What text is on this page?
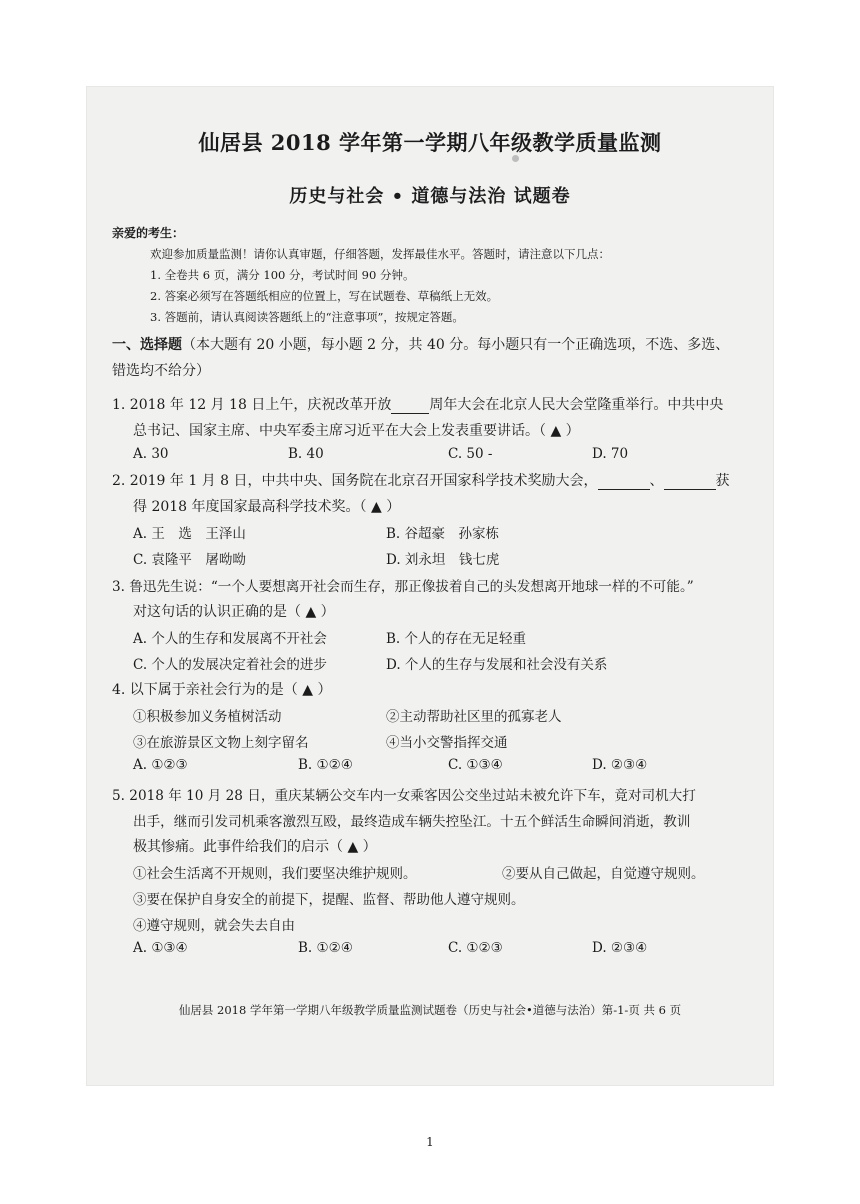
仙居县 2018 学年第一学期八年级教学质量监测
历史与社会 • 道德与法治 试题卷
亲爱的考生：
欢迎参加质量监测！请你认真审题，仔细答题，发挥最佳水平。答题时，请注意以下几点：
1. 全卷共 6 页，满分 100 分，考试时间 90 分钟。
2. 答案必须写在答题纸相应的位置上，写在试题卷、草稿纸上无效。
3. 答题前，请认真阅读答题纸上的“注意事项”，按规定答题。
一、选择题（本大题有 20 小题，每小题 2 分，共 40 分。每小题只有一个正确选项，不选、多选、
错选均不给分）
1. 2018 年 12 月 18 日上午，庆祝改革开放	周年大会在北京人民大会堂隆重举行。中共中央
总书记、国家主席、中央军委主席习近平在大会上发表重要讲话。（ ▲ ）
A. 30	B. 40	C. 50 -	D. 70
2. 2019 年 1 月 8 日，中共中央、国务院在北京召开国家科学技术奖励大会，	、	获
得 2018 年度国家最高科学技术奖。（ ▲ ）
A. 王　选　王泽山	B. 谷超豪　孙家栋
C. 袁隆平　屠呦呦	D. 刘永坦　钱七虎
3. 鲁迅先生说：“一个人要想离开社会而生存，那正像拔着自己的头发想离开地球一样的不可能。”
对这句话的认识正确的是（ ▲ ）
A. 个人的生存和发展离不开社会	B. 个人的存在无足轻重
C. 个人的发展决定着社会的进步	D. 个人的生存与发展和社会没有关系
4. 以下属于亲社会行为的是（ ▲ ）
①积极参加义务植树活动	②主动帮助社区里的孤寡老人
③在旅游景区文物上刻字留名	④当小交警指挥交通
A. ①②③	B. ①②④	C. ①③④	D. ②③④
5. 2018 年 10 月 28 日，重庆某辆公交车内一女乘客因公交坐过站未被允许下车，竟对司机大打
出手，继而引发司机乘客激烈互殴，最终造成车辆失控坠江。十五个鲜活生命瞬间消逝，教训
极其惨痛。此事件给我们的启示（ ▲ ）
①社会生活离不开规则，我们要坚决维护规则。	②要从自己做起，自觉遵守规则。
③要在保护自身安全的前提下，提醒、监督、帮助他人遵守规则。
④遵守规则，就会失去自由
A. ①③④	B. ①②④	C. ①②③	D. ②③④
仙居县 2018 学年第一学期八年级教学质量监测试题卷（历史与社会•道德与法治）第-1-页 共 6 页
1
